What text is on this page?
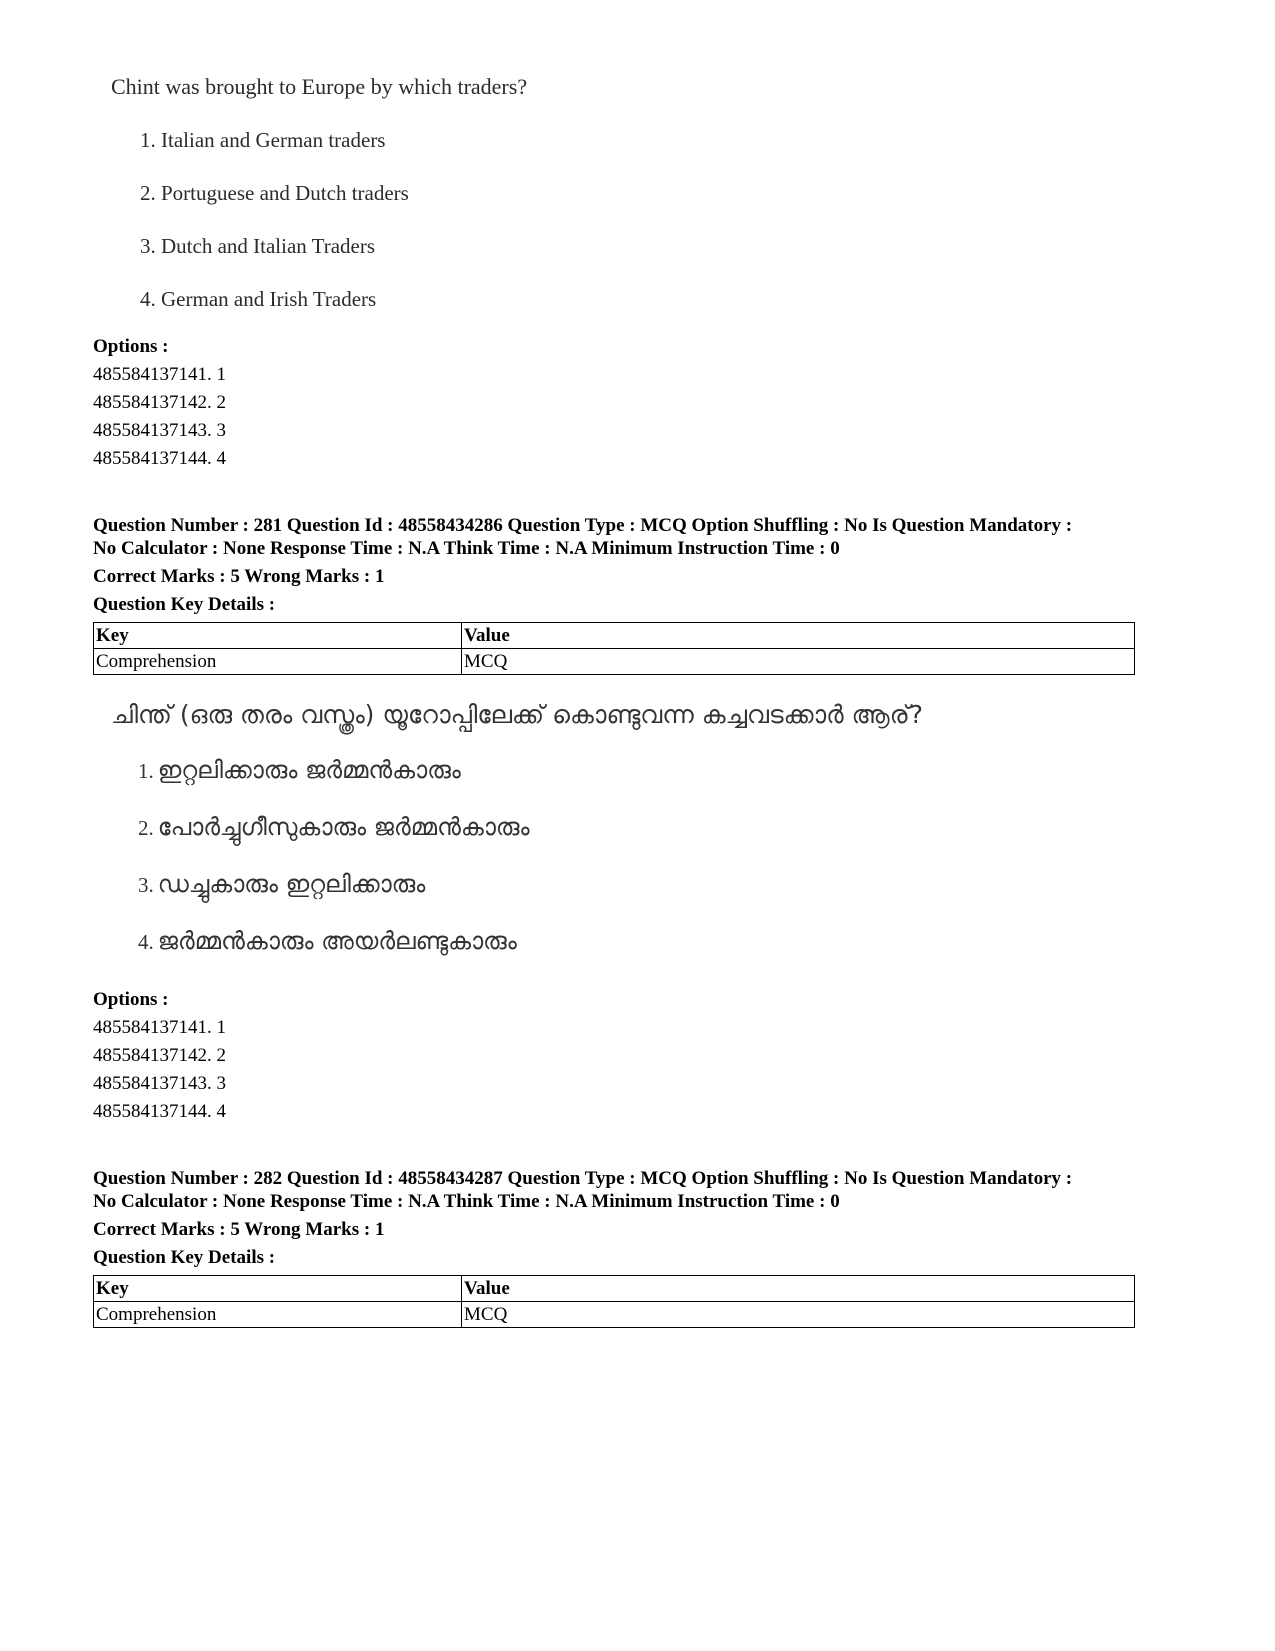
Chint was brought to Europe by which traders?
1. Italian and German traders
2. Portuguese and Dutch traders
3. Dutch and Italian Traders
4. German and Irish Traders
Options :
485584137141. 1
485584137142. 2
485584137143. 3
485584137144. 4
Question Number : 281 Question Id : 48558434286 Question Type : MCQ Option Shuffling : No Is Question Mandatory :
No Calculator : None Response Time : N.A Think Time : N.A Minimum Instruction Time : 0
Correct Marks : 5 Wrong Marks : 1
Question Key Details :
Key	Value
Comprehension	MCQ
ചിന്ത് (ഒരു തരം വസ്ത്രം) യൂറോപ്പിലേക്ക് കൊണ്ടുവന്ന കച്ചവടക്കാർ ആര്?
1. ഇറ്റലിക്കാരും ജർമ്മൻകാരും
2. പോർച്ചുഗീസുകാരും ജർമ്മൻകാരും
3. ഡച്ചുകാരും ഇറ്റലിക്കാരും
4. ജർമ്മൻകാരും അയർലണ്ടുകാരും
Options :
485584137141. 1
485584137142. 2
485584137143. 3
485584137144. 4
Question Number : 282 Question Id : 48558434287 Question Type : MCQ Option Shuffling : No Is Question Mandatory :
No Calculator : None Response Time : N.A Think Time : N.A Minimum Instruction Time : 0
Correct Marks : 5 Wrong Marks : 1
Question Key Details :
Key	Value
Comprehension	MCQ
